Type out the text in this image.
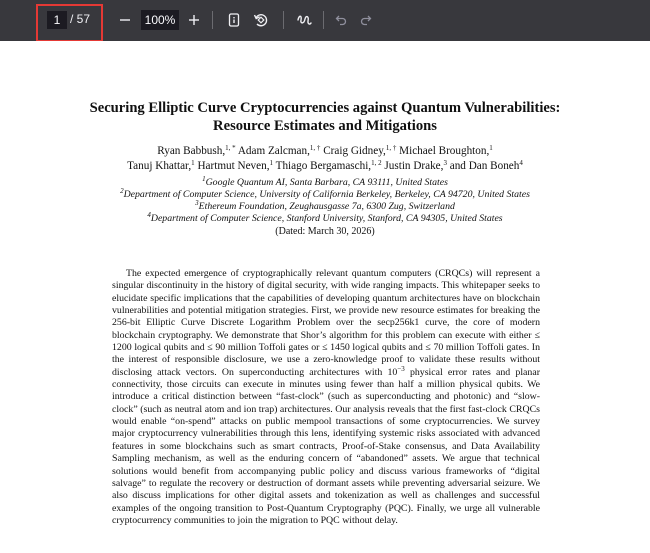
1
/ 57	100%
Securing Elliptic Curve Cryptocurrencies against Quantum Vulnerabilities:
Resource Estimates and Mitigations
Ryan Babbush,$^{1, *}$ Adam Zalcman,$^{1, \dagger}$ Craig Gidney,$^{1, \dagger}$ Michael Broughton,$^1$
Tanuj Khattar,$^1$ Hartmut Neven,$^1$ Thiago Bergamaschi,$^{1, 2}$ Justin Drake,$^3$ and Dan Boneh$^4$
$^1$Google Quantum AI, Santa Barbara, CA 93111, United States
$^2$Department of Computer Science, University of California Berkeley, Berkeley, CA 94720, United States
$^3$Ethereum Foundation, Zeughausgasse 7a, 6300 Zug, Switzerland
$^4$Department of Computer Science, Stanford University, Stanford, CA 94305, United States
(Dated: March 30, 2026)

The expected emergence of cryptographically relevant quantum computers (CRQCs) will represent a singular discontinuity in the history of digital security, with wide ranging impacts. This whitepaper seeks to elucidate specific implications that the capabilities of developing quantum architectures have on blockchain vulnerabilities and potential mitigation strategies. First, we provide new resource estimates for breaking the 256-bit Elliptic Curve Discrete Logarithm Problem over the secp256k1 curve, the core of modern blockchain cryptography. We demonstrate that Shor’s algorithm for this problem can execute with either ≤ 1200 logical qubits and ≤ 90 million Toffoli gates or ≤ 1450 logical qubits and ≤ 70 million Toffoli gates. In the interest of responsible disclosure, we use a zero-knowledge proof to validate these results without disclosing attack vectors. On superconducting architectures with $10^{-3}$ physical error rates and planar connectivity, those circuits can execute in minutes using fewer than half a million physical qubits. We introduce a critical distinction between “fast-clock” (such as superconducting and photonic) and “slow-clock” (such as neutral atom and ion trap) architectures. Our analysis reveals that the first fast-clock CRQCs would enable “on-spend” attacks on public mempool transactions of some cryptocurrencies. We survey major cryptocurrency vulnerabilities through this lens, identifying systemic risks associated with advanced features in some blockchains such as smart contracts, Proof-of-Stake consensus, and Data Availability Sampling mechanism, as well as the enduring concern of “abandoned” assets. We argue that technical solutions would benefit from accompanying public policy and discuss various frameworks of “digital salvage” to regulate the recovery or destruction of dormant assets while preventing adversarial seizure. We also discuss implications for other digital assets and tokenization as well as challenges and successful examples of the ongoing transition to Post-Quantum Cryptography (PQC). Finally, we urge all vulnerable cryptocurrency communities to join the migration to PQC without delay.
